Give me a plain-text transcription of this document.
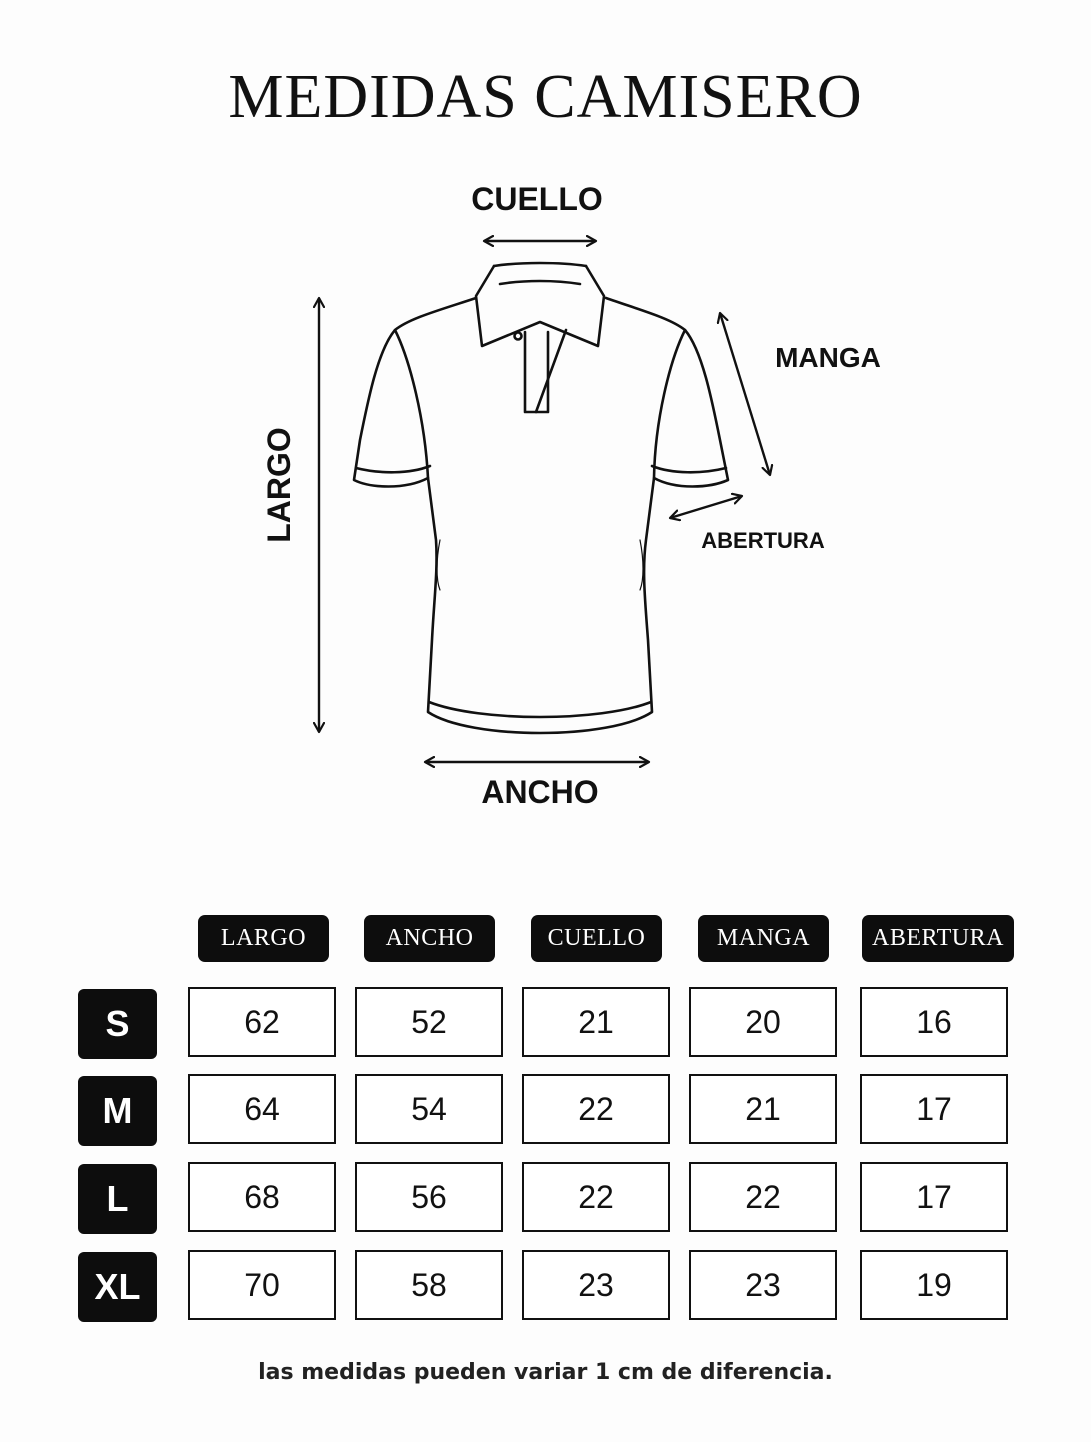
MEDIDAS CAMISERO
CUELLO
MANGA
LARGO	ABERTURA
ANCHO
LARGO	ANCHO	CUELLO	MANGA	ABERTURA
S	62	52	21	20	16
M	64	54	22	21	17
L	68	56	22	22	17
XL	70	58	23	23	19
las medidas pueden variar 1 cm de diferencia.
